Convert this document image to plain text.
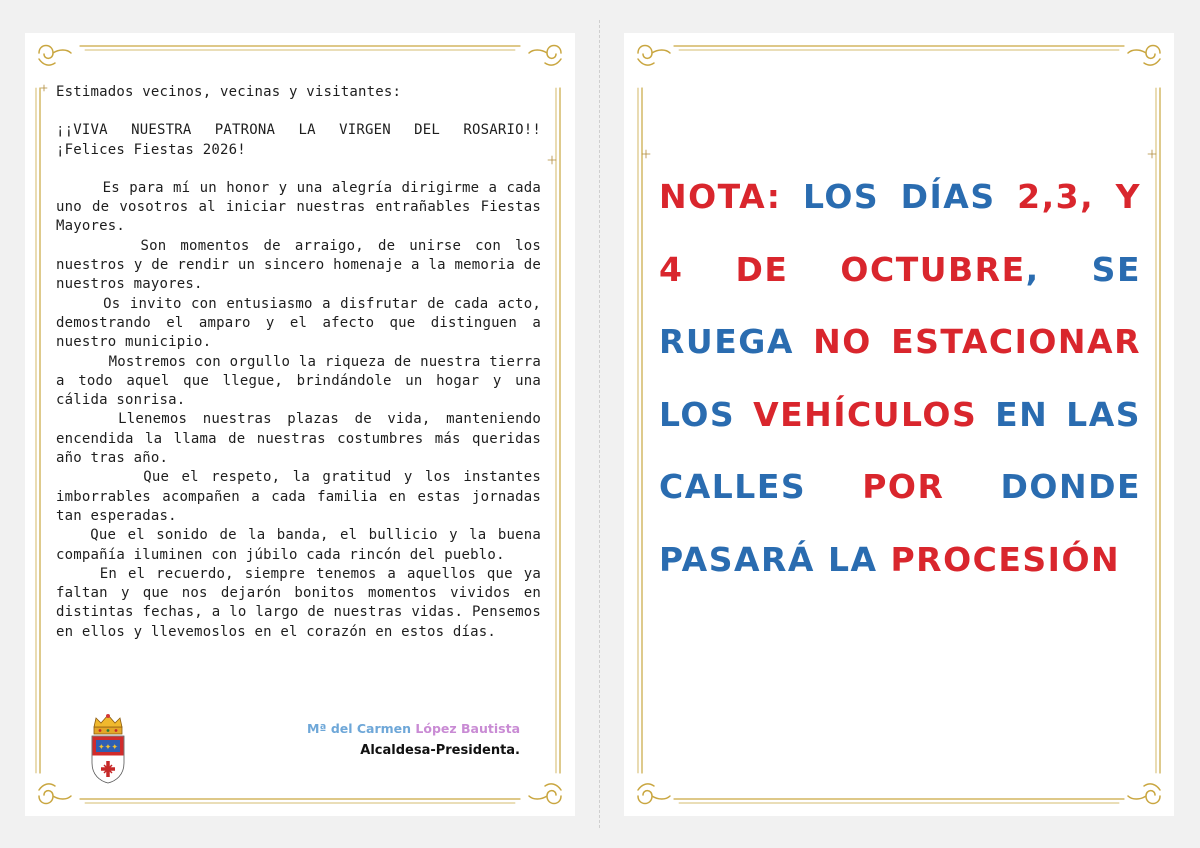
Estimados vecinos, vecinas y visitantes:

¡¡VIVA NUESTRA PATRONA LA VIRGEN DEL ROSARIO!!
¡Felices Fiestas 2026!

Es para mí un honor y una alegría dirigirme a cada uno de vosotros al iniciar nuestras entrañables Fiestas Mayores.

Son momentos de arraigo, de unirse con los nuestros y de rendir un sincero homenaje a la memoria de nuestros mayores.

Os invito con entusiasmo a disfrutar de cada acto, demostrando el amparo y el afecto que distinguen a nuestro municipio.

Mostremos con orgullo la riqueza de nuestra tierra a todo aquel que llegue, brindándole un hogar y una cálida sonrisa.

Llenemos nuestras plazas de vida, manteniendo encendida la llama de nuestras costumbres más queridas año tras año.

Que el respeto, la gratitud y los instantes imborrables acompañen a cada familia en estas jornadas tan esperadas.

Que el sonido de la banda, el bullicio y la buena compañía iluminen con júbilo cada rincón del pueblo.

En el recuerdo, siempre tenemos a aquellos que ya faltan y que nos dejarón bonitos momentos vividos en distintas fechas, a lo largo de nuestras vidas. Pensemos en ellos y llevemoslos en el corazón en estos días.

✦✦✦
Mª del Carmen López Bautista
Alcaldesa-Presidenta.
NOTA: LOS DÍAS 2,3, Y 4 DE OCTUBRE, SE RUEGA NO ESTACIONAR LOS VEHÍCULOS EN LAS CALLES POR DONDE PASARÁ LA PROCESIÓN
